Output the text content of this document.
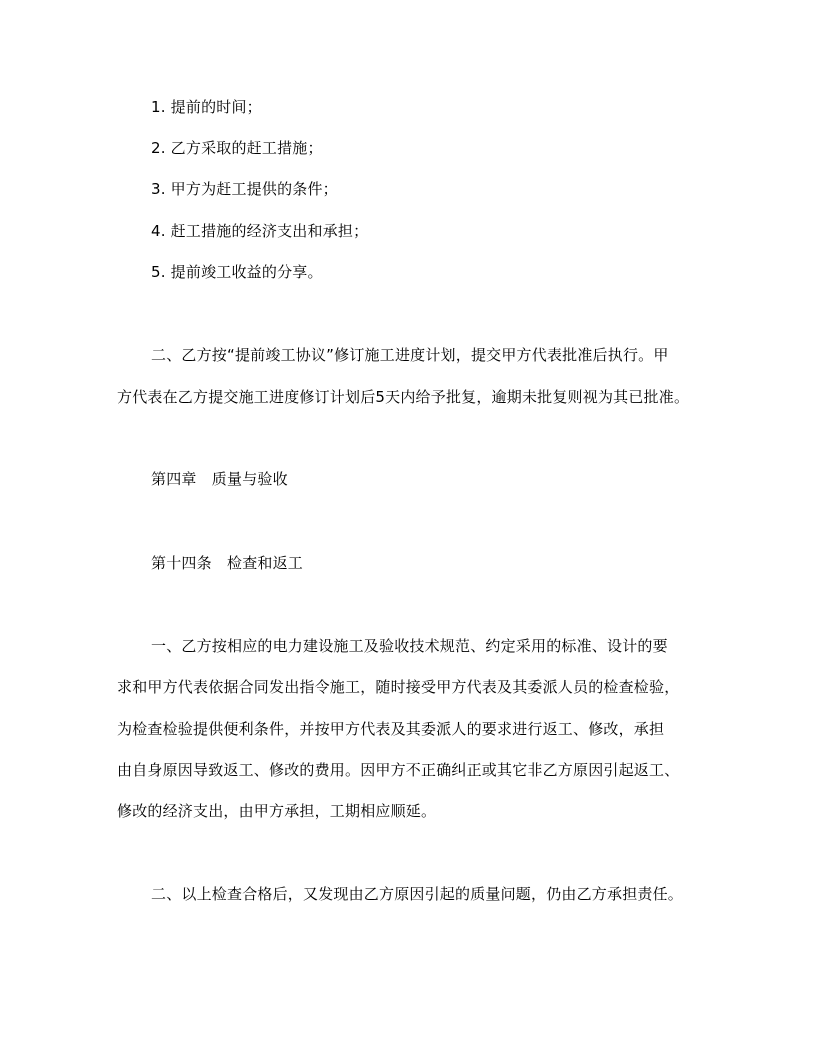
1. 提前的时间；
2. 乙方采取的赶工措施；
3. 甲方为赶工提供的条件；
4. 赶工措施的经济支出和承担；
5. 提前竣工收益的分享。
二、乙方按“提前竣工协议”修订施工进度计划，提交甲方代表批准后执行。甲
方代表在乙方提交施工进度修订计划后5天内给予批复，逾期未批复则视为其已批准。
第四章　质量与验收
第十四条　检查和返工
一、乙方按相应的电力建设施工及验收技术规范、约定采用的标准、设计的要
求和甲方代表依据合同发出指令施工，随时接受甲方代表及其委派人员的检查检验，
为检查检验提供便利条件，并按甲方代表及其委派人的要求进行返工、修改，承担
由自身原因导致返工、修改的费用。因甲方不正确纠正或其它非乙方原因引起返工、
修改的经济支出，由甲方承担，工期相应顺延。
二、以上检查合格后，又发现由乙方原因引起的质量问题，仍由乙方承担责任。
